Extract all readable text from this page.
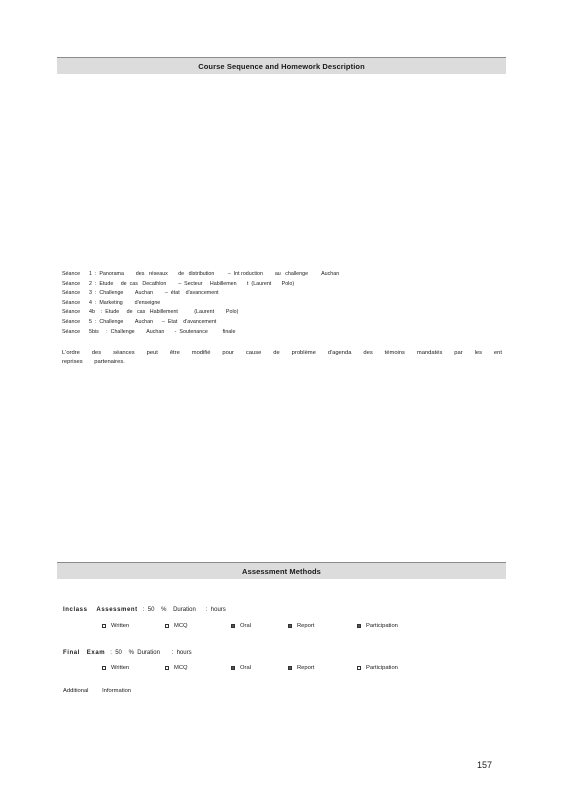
Course Sequence and Homework Description
Séance      1  :  Panorama        des   réseaux       de   distribution         –  Int roduction        au   challenge         Auchan
Séance      2  :  Etude     de  cas   Decathlon        –  Secteur     Habillemen       t  (Laurent       Polo)
Séance      3  :  Challenge        Auchan        –  état    d'avancement
Séance      4  :  Marketing        d'enseigne
Séance      4b    :  Etude     de   cas   Habillement           (Laurent        Polo)
Séance      5  :  Challenge        Auchan      –  Etat    d'avancement
Séance      5bis     :  Challenge        Auchan       -  Soutenance          finale
L'ordre des séances peut être modifié pour cause de problème d'agenda des témoins mandatés par les ent reprises partenaires.
Assessment Methods
Inclass    Assessment   :  50    %    Duration      :  hours
Written	MCQ	Oral	Report	Participation
Final   Exam   :  50    %  Duration       :  hours
Written	MCQ	Oral	Report	Participation
Additional Information
157
